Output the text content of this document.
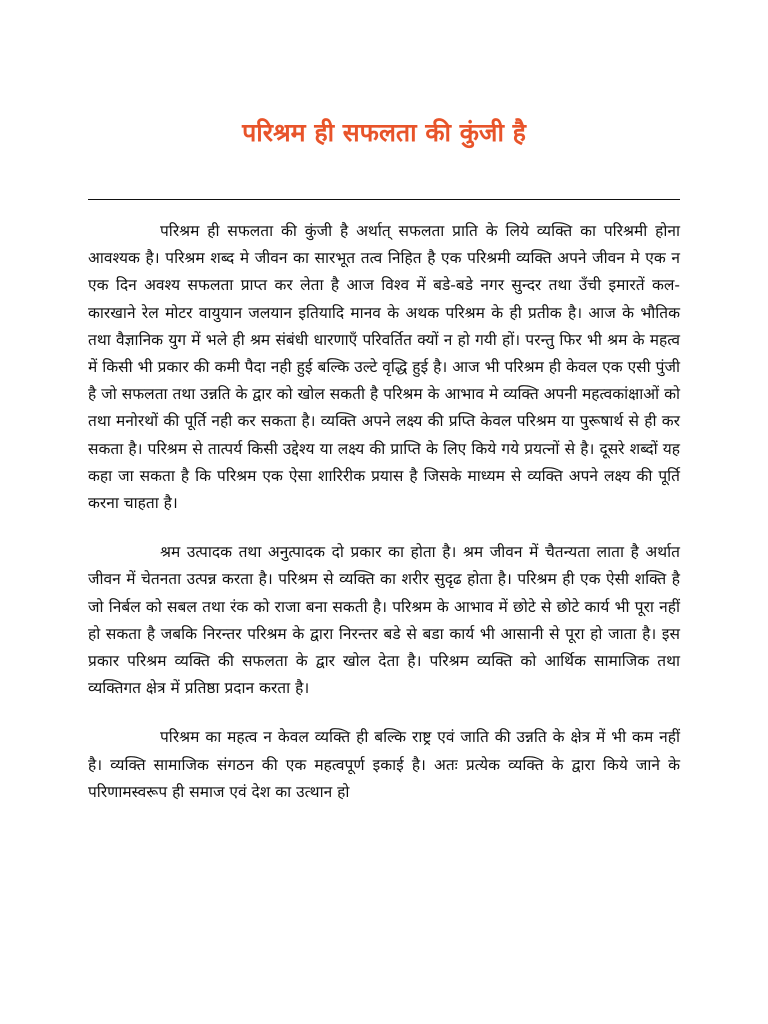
परिश्रम ही सफलता की कुंजी है

परिश्रम ही सफलता की कुंजी है अर्थात् सफलता प्राति के लिये व्यक्ति का परिश्रमी होना आवश्यक है। परिश्रम शब्द मे जीवन का सारभूत तत्व निहित है एक परिश्रमी व्यक्ति अपने जीवन मे एक न एक दिन अवश्य सफलता प्राप्त कर लेता है आज विश्व में बडे-बडे नगर सुन्दर तथा उँची इमारतें कल-कारखाने रेल मोटर वायुयान जलयान इतियादि मानव के अथक परिश्रम के ही प्रतीक है। आज के भौतिक तथा वैज्ञानिक युग में भले ही श्रम संबंधी धारणाएँ परिवर्तित क्यों न हो गयी हों। परन्तु फिर भी श्रम के महत्व में किसी भी प्रकार की कमी पैदा नही हुई बल्कि उल्टे वृद्धि हुई है। आज भी परिश्रम ही केवल एक एसी पुंजी है जो सफलता तथा उन्नति के द्वार को खोल सकती है परिश्रम के आभाव मे व्यक्ति अपनी महत्वकांक्षाओं को तथा मनोरथों की पूर्ति नही कर सकता है। व्यक्ति अपने लक्ष्य की प्रप्ति केवल परिश्रम या पुरूषार्थ से ही कर सकता है। परिश्रम से तात्पर्य किसी उद्देश्य या लक्ष्य की प्राप्ति के लिए किये गये प्रयत्नों से है। दूसरे शब्दों यह कहा जा सकता है कि परिश्रम एक ऐसा शारिरीक प्रयास है जिसके माध्यम से व्यक्ति अपने लक्ष्य की पूर्ति करना चाहता है।

श्रम उत्पादक तथा अनुत्पादक दो प्रकार का होता है। श्रम जीवन में चैतन्यता लाता है अर्थात जीवन में चेतनता उत्पन्न करता है। परिश्रम से व्यक्ति का शरीर सुदृढ होता है। परिश्रम ही एक ऐसी शक्ति है जो निर्बल को सबल तथा रंक को राजा बना सकती है। परिश्रम के आभाव में छोटे से छोटे कार्य भी पूरा नहीं हो सकता है जबकि निरन्तर परिश्रम के द्वारा निरन्तर बडे से बडा कार्य भी आसानी से पूरा हो जाता है। इस प्रकार परिश्रम व्यक्ति की सफलता के द्वार खोल देता है। परिश्रम व्यक्ति को आर्थिक सामाजिक तथा व्यक्तिगत क्षेत्र में प्रतिष्ठा प्रदान करता है।

परिश्रम का महत्व न केवल व्यक्ति ही बल्कि राष्ट्र एवं जाति की उन्नति के क्षेत्र में भी कम नहीं है। व्यक्ति सामाजिक संगठन की एक महत्वपूर्ण इकाई है। अतः प्रत्येक व्यक्ति के द्वारा किये जाने के परिणामस्वरूप ही समाज एवं देश का उत्थान हो
